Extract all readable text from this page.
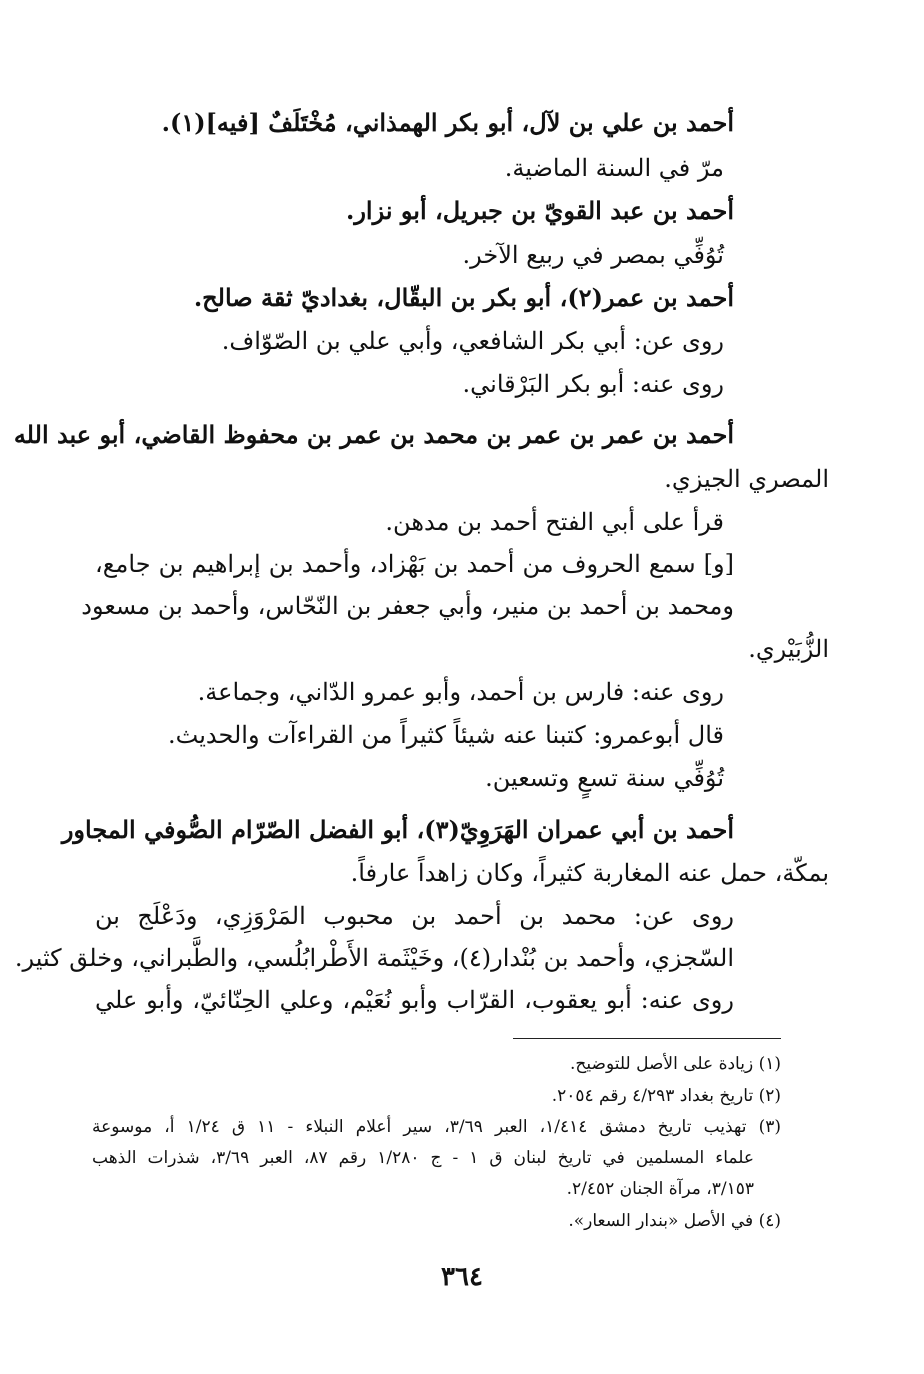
أحمد بن علي بن لآل، أبو بكر الهمذاني، مُخْتَلَفٌ [فيه](١).
مرّ في السنة الماضية.
أحمد بن عبد القويّ بن جبريل، أبو نزار.
تُوُفِّي بمصر في ربيع الآخر.
أحمد بن عمر(٢)، أبو بكر بن البقّال، بغداديّ ثقة صالح.
روى عن: أبي بكر الشافعي، وأبي علي بن الصّوّاف.
روى عنه: أبو بكر البَرْقاني.
أحمد بن عمر بن عمر بن محمد بن عمر بن محفوظ القاضي، أبو عبد الله
المصري الجيزي.
قرأ على أبي الفتح أحمد بن مدهن.
[و] سمع الحروف من أحمد بن بَهْزاد، وأحمد بن إبراهيم بن جامع،
ومحمد بن أحمد بن منير، وأبي جعفر بن النّحّاس، وأحمد بن مسعود
الزُّبَيْري.
روى عنه: فارس بن أحمد، وأبو عمرو الدّاني، وجماعة.
قال أبوعمرو: كتبنا عنه شيئاً كثيراً من القراءآت والحديث.
تُوُفِّي سنة تسعٍ وتسعين.
أحمد بن أبي عمران الهَرَوِيّ(٣)، أبو الفضل الصّرّام الصُّوفي المجاور
بمكّة، حمل عنه المغاربة كثيراً، وكان زاهداً عارفاً.
روى عن: محمد بن أحمد بن محبوب المَرْوَزِي، ودَعْلَج بن
السّجزي، وأحمد بن بُنْدار(٤)، وخَيْثَمة الأَطْرابُلُسي، والطَّبراني، وخلق كثير.
روى عنه: أبو يعقوب، القرّاب وأبو نُعَيْم، وعلي الحِنّائيّ، وأبو علي
(١) زيادة على الأصل للتوضيح.
(٢) تاريخ بغداد ٤/٢٩٣ رقم ٢٠٥٤.
(٣) تهذيب تاريخ دمشق ١/٤١٤، العبر ٣/٦٩، سير أعلام النبلاء - ١١ ق ١/٢٤ أ، موسوعة
علماء المسلمين في تاريخ لبنان ق ١ - ج ١/٢٨٠ رقم ٨٧، العبر ٣/٦٩، شذرات الذهب
٣/١٥٣، مرآة الجنان ٢/٤٥٢.
(٤) في الأصل «بندار السعار».
٣٦٤
